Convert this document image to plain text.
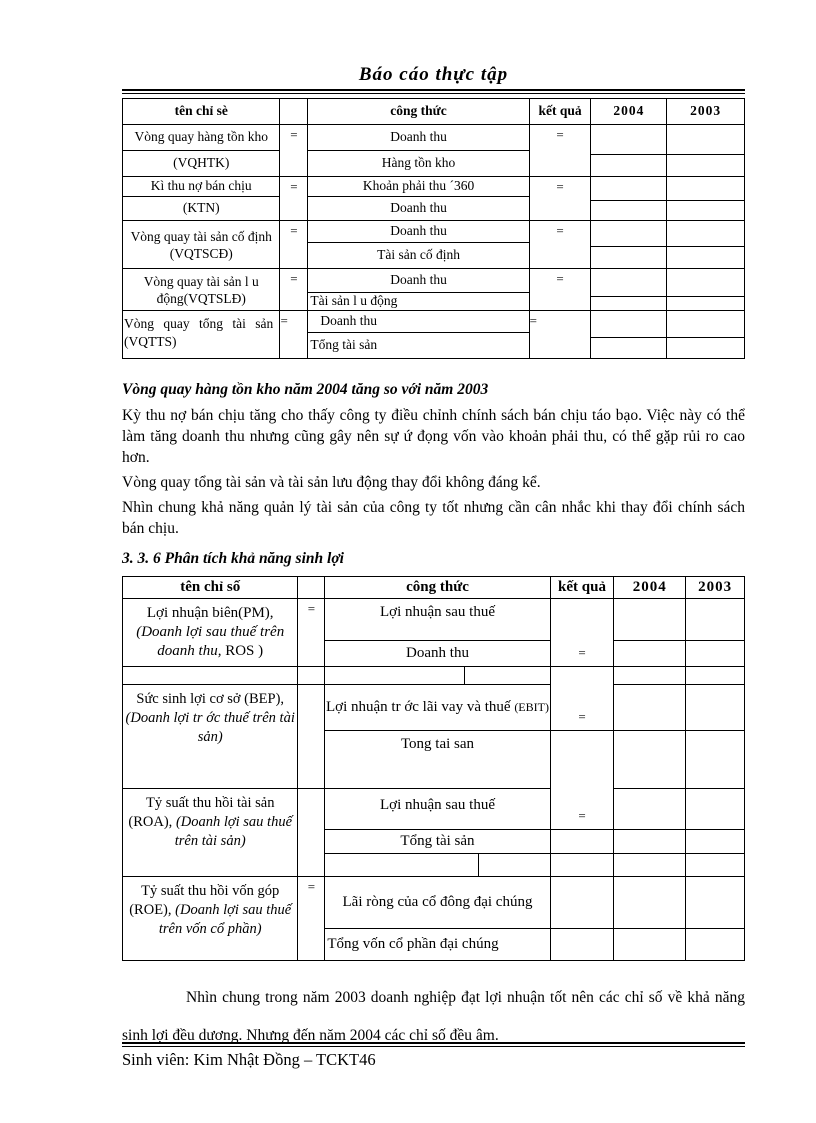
Báo cáo thực tập
tên chỉ sè
Vòng quay hàng tồn kho
(VQHTK)
Kì thu nợ bán chịu
(KTN)
Vòng quay tài sản cố định
(VQTSCĐ)
Vòng quay tài sản l u
động(VQTSLĐ)
Vòng quay tổng tài sản
(VQTTS)
=
=
=
=
=
công thức
Doanh thu
Hàng tồn kho
Khoản phải thu ´360
Doanh thu
Doanh thu
Tài sản cố định
Doanh thu
Tài sản l u động
Doanh thu
Tổng tài sản
kết quả
=
=
=
=
=
2004	2003
Vòng quay hàng tồn kho năm 2004 tăng so với năm 2003

Kỳ thu nợ bán chịu tăng cho thấy công ty điều chỉnh chính sách bán chịu táo bạo. Việc này có thể làm tăng doanh thu nhưng cũng gây nên sự ứ đọng vốn vào khoản phải thu, có thể gặp rủi ro cao hơn.

Vòng quay tổng tài sản và tài sản lưu động thay đổi không đáng kể.

Nhìn chung khả năng quản lý tài sản của công ty tốt nhưng cần cân nhắc khi thay đổi chính sách bán chịu.

3. 3. 6 Phân tích khả năng sinh lợi
tên chỉ số
Lợi nhuận biên(PM), (Doanh lợi sau thuế trên doanh thu, ROS )
Sức sinh lợi cơ sở (BEP), (Doanh lợi tr ớc thuế trên tài sản)
Tỷ suất thu hồi tài sản (ROA), (Doanh lợi sau thuế trên tài sản)
Tỷ suất thu hồi vốn góp (ROE), (Doanh lợi sau thuế trên vốn cổ phần)
=
=
công thức
Lợi nhuận sau thuế
Doanh thu
Lợi nhuận tr ớc lãi vay và thuế (EBIT)
Tong tai san
Lợi nhuận sau thuế
Tổng tài sản
Lãi ròng của cổ đông đại chúng
Tổng vốn cổ phần đại chúng
kết quả
=
=
=
2004	2003

Nhìn chung trong năm 2003 doanh nghiệp đạt lợi nhuận tốt nên các chỉ số về khả năng sinh lợi đều dương. Nhưng đến năm 2004 các chỉ số đều âm.

Sinh viên: Kim Nhật Đồng – TCKT46
